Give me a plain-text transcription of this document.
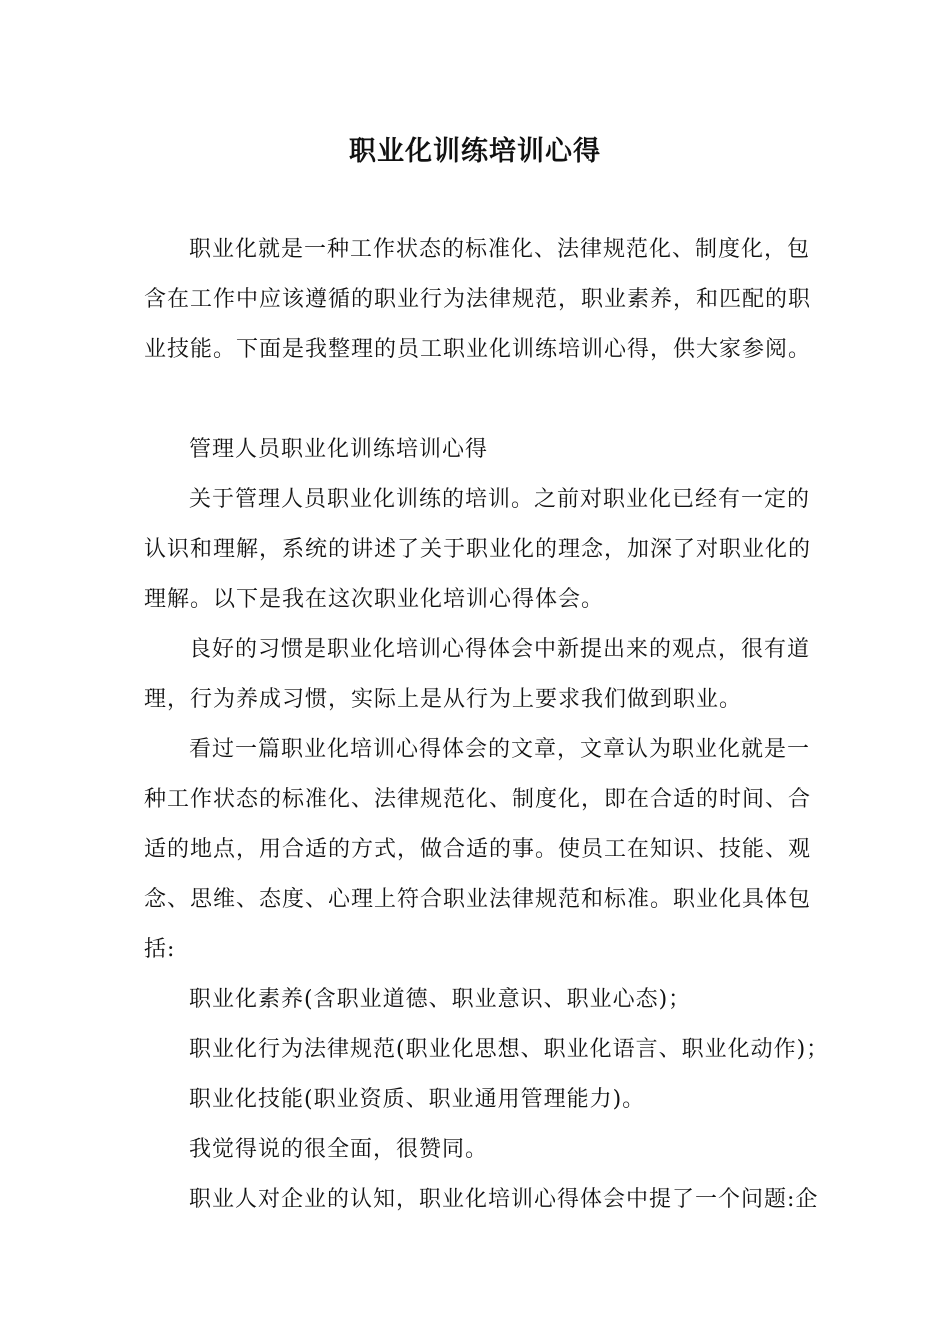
职业化训练培训心得
职业化就是一种工作状态的标准化、法律规范化、制度化，包
含在工作中应该遵循的职业行为法律规范，职业素养，和匹配的职
业技能。下面是我整理的员工职业化训练培训心得，供大家参阅。
管理人员职业化训练培训心得
关于管理人员职业化训练的培训。之前对职业化已经有一定的
认识和理解，系统的讲述了关于职业化的理念，加深了对职业化的
理解。以下是我在这次职业化培训心得体会。
良好的习惯是职业化培训心得体会中新提出来的观点，很有道
理，行为养成习惯，实际上是从行为上要求我们做到职业。
看过一篇职业化培训心得体会的文章，文章认为职业化就是一
种工作状态的标准化、法律规范化、制度化，即在合适的时间、合
适的地点，用合适的方式，做合适的事。使员工在知识、技能、观
念、思维、态度、心理上符合职业法律规范和标准。职业化具体包
括:
职业化素养(含职业道德、职业意识、职业心态)；
职业化行为法律规范(职业化思想、职业化语言、职业化动作)；
职业化技能(职业资质、职业通用管理能力)。
我觉得说的很全面，很赞同。
职业人对企业的认知，职业化培训心得体会中提了一个问题:企
